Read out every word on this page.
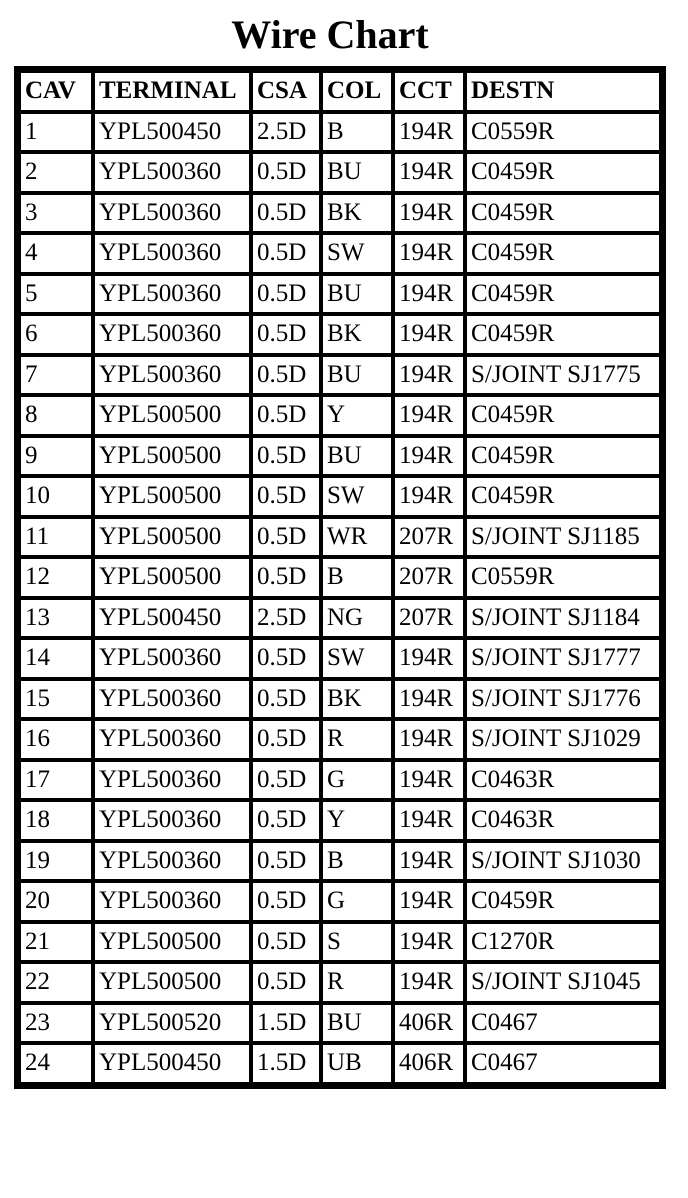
Wire Chart
CAV	TERMINAL	CSA	COL	CCT	DESTN
1	YPL500450	2.5D	B	194R	C0559R
2	YPL500360	0.5D	BU	194R	C0459R
3	YPL500360	0.5D	BK	194R	C0459R
4	YPL500360	0.5D	SW	194R	C0459R
5	YPL500360	0.5D	BU	194R	C0459R
6	YPL500360	0.5D	BK	194R	C0459R
7	YPL500360	0.5D	BU	194R	S/JOINT SJ1775
8	YPL500500	0.5D	Y	194R	C0459R
9	YPL500500	0.5D	BU	194R	C0459R
10	YPL500500	0.5D	SW	194R	C0459R
11	YPL500500	0.5D	WR	207R	S/JOINT SJ1185
12	YPL500500	0.5D	B	207R	C0559R
13	YPL500450	2.5D	NG	207R	S/JOINT SJ1184
14	YPL500360	0.5D	SW	194R	S/JOINT SJ1777
15	YPL500360	0.5D	BK	194R	S/JOINT SJ1776
16	YPL500360	0.5D	R	194R	S/JOINT SJ1029
17	YPL500360	0.5D	G	194R	C0463R
18	YPL500360	0.5D	Y	194R	C0463R
19	YPL500360	0.5D	B	194R	S/JOINT SJ1030
20	YPL500360	0.5D	G	194R	C0459R
21	YPL500500	0.5D	S	194R	C1270R
22	YPL500500	0.5D	R	194R	S/JOINT SJ1045
23	YPL500520	1.5D	BU	406R	C0467
24	YPL500450	1.5D	UB	406R	C0467
